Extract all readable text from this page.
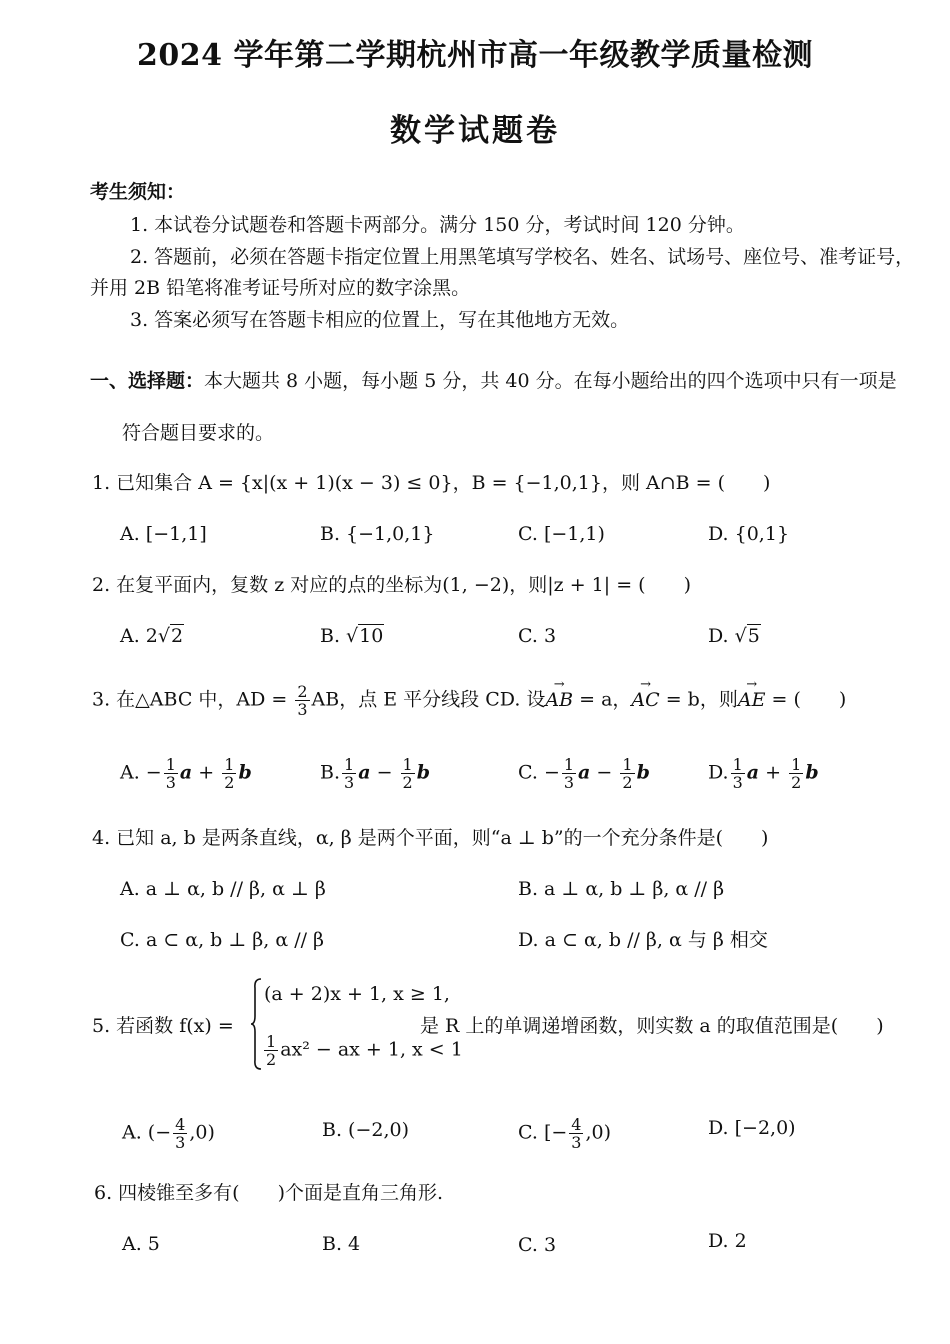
2024 学年第二学期杭州市高一年级教学质量检测
数学试题卷
考生须知：
1. 本试卷分试题卷和答题卡两部分。满分 150 分，考试时间 120 分钟。
2. 答题前，必须在答题卡指定位置上用黑笔填写学校名、姓名、试场号、座位号、准考证号，
并用 2B 铅笔将准考证号所对应的数字涂黑。
3. 答案必须写在答题卡相应的位置上，写在其他地方无效。
一、选择题：本大题共 8 小题，每小题 5 分，共 40 分。在每小题给出的四个选项中只有一项是
符合题目要求的。
1. 已知集合 A = {x|(x + 1)(x − 3) ≤ 0}，B = {−1,0,1}，则 A∩B = (　　)
A. [−1,1]	B. {−1,0,1}	C. [−1,1)	D. {0,1}
2. 在复平面内，复数 z 对应的点的坐标为(1, −2)，则|z + 1| = (　　)
A. 2√2	B. √10	C. 3	D. √5
3. 在△ABC 中，AD = $\frac{2}{3}$ AB，点 E 平分线段 CD. 设→ AB = a，→ AC = b，则→ AE = (　　)
A. − $\frac{1}{3}$ $a + \frac{1}{2}$ b	B. $\frac{1}{3}$ $a - \frac{1}{2}$ b	C. − $\frac{1}{3}$ $a - \frac{1}{2}$ b	D. $\frac{1}{3}$ $a + \frac{1}{2}$ b
4. 已知 a, b 是两条直线，α, β 是两个平面，则“a ⊥ b”的一个充分条件是(　　)
A. a ⊥ α, b // β, α ⊥ β	B. a ⊥ α, b ⊥ β, α // β
C. a ⊂ α, b ⊥ β, α // β	D. a ⊂ α, b // β, α 与 β 相交
5. 若函数 f(x) =
(a + 2)x + 1, x ≥ 1,
$\frac{1}{2} ax^2$ − ax + 1, x < 1
是 R 上的单调递增函数，则实数 a 的取值范围是(　　)
A. (− $\frac{4}{3} ,0$)	B. (−2,0)	C. [− $\frac{4}{3} ,0$)	D. [−2,0)
6. 四棱锥至多有(　　)个面是直角三角形.
A. 5	B. 4	C. 3	D. 2
